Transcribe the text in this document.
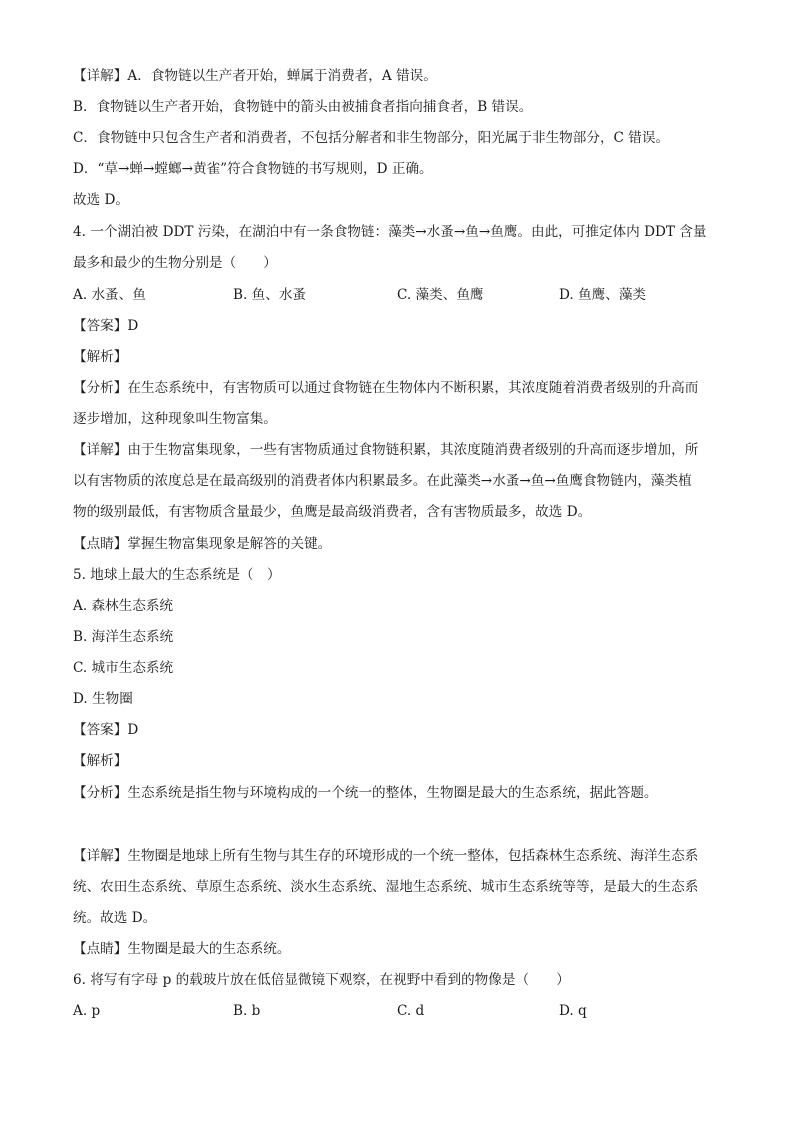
【详解】A．食物链以生产者开始，蝉属于消费者，A 错误。
B．食物链以生产者开始，食物链中的箭头由被捕食者指向捕食者，B 错误。
C．食物链中只包含生产者和消费者，不包括分解者和非生物部分，阳光属于非生物部分，C 错误。
D．“草→蝉→螳螂→黄雀”符合食物链的书写规则，D 正确。
故选 D。
4. 一个湖泊被 DDT 污染，在湖泊中有一条食物链：藻类→水蚤→鱼→鱼鹰。由此，可推定体内 DDT 含量
最多和最少的生物分别是（　　）
A. 水蚤、鱼	B. 鱼、水蚤	C. 藻类、鱼鹰	D. 鱼鹰、藻类
【答案】D
【解析】
【分析】在生态系统中，有害物质可以通过食物链在生物体内不断积累，其浓度随着消费者级别的升高而
逐步增加，这种现象叫生物富集。
【详解】由于生物富集现象，一些有害物质通过食物链积累，其浓度随消费者级别的升高而逐步增加，所
以有害物质的浓度总是在最高级别的消费者体内积累最多。在此藻类→水蚤→鱼→鱼鹰食物链内，藻类植
物的级别最低，有害物质含量最少，鱼鹰是最高级消费者，含有害物质最多，故选 D。
【点睛】掌握生物富集现象是解答的关键。
5. 地球上最大的生态系统是（　）
A. 森林生态系统
B. 海洋生态系统
C. 城市生态系统
D. 生物圈
【答案】D
【解析】
【分析】生态系统是指生物与环境构成的一个统一的整体，生物圈是最大的生态系统，据此答题。
【详解】生物圈是地球上所有生物与其生存的环境形成的一个统一整体，包括森林生态系统、海洋生态系
统、农田生态系统、草原生态系统、淡水生态系统、湿地生态系统、城市生态系统等等，是最大的生态系
统。故选 D。
【点睛】生物圈是最大的生态系统。
6. 将写有字母 p 的载玻片放在低倍显微镜下观察，在视野中看到的物像是（　　）
A. p	B. b	C. d	D. q
